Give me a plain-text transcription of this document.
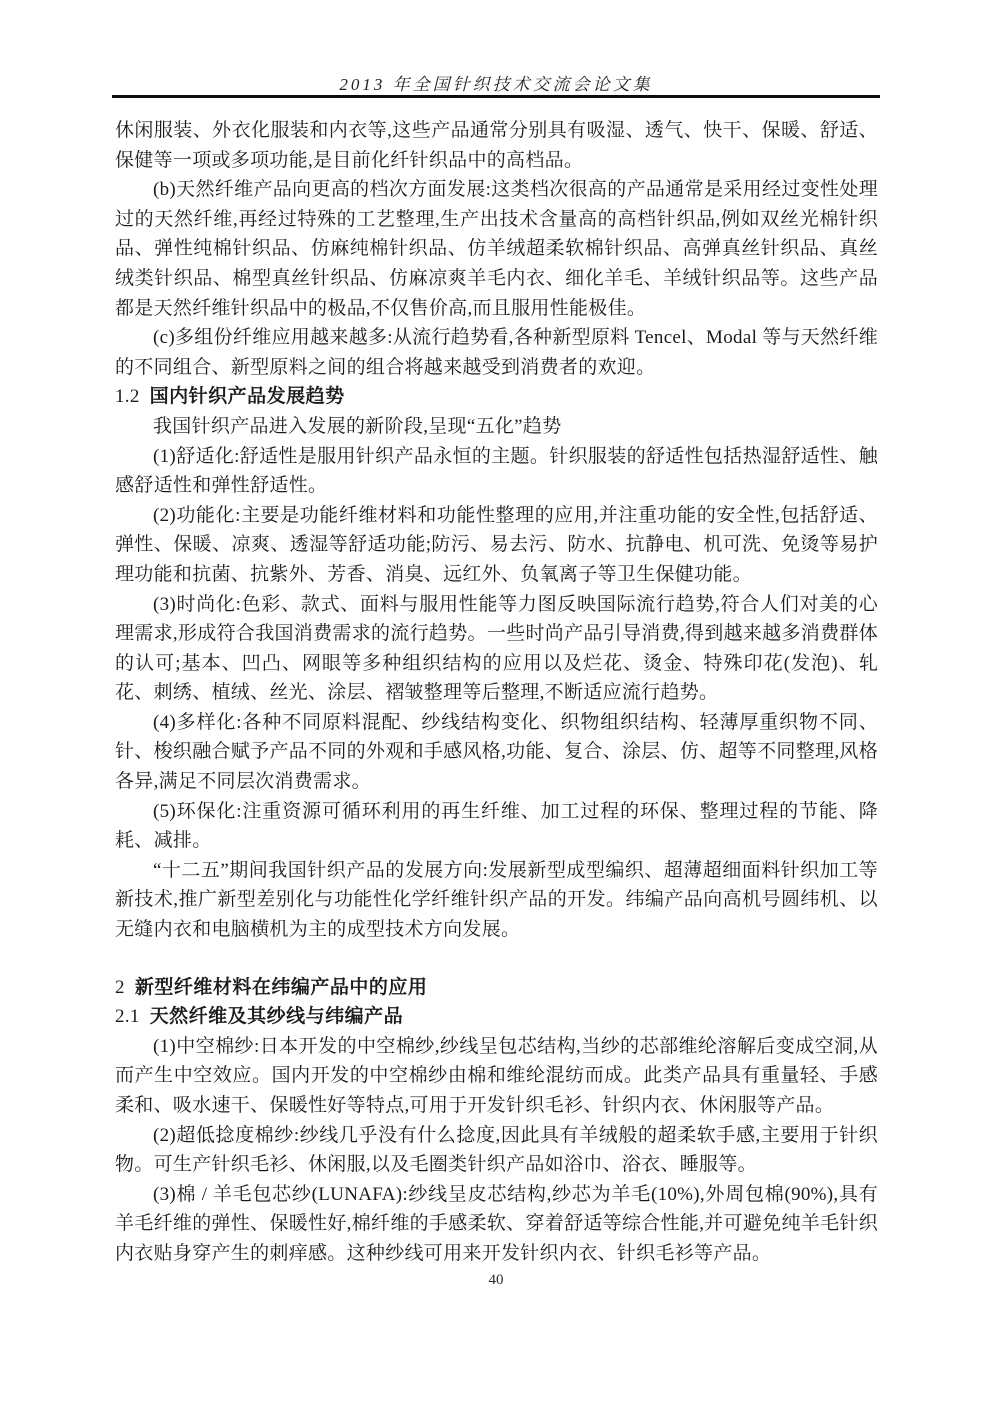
2013 年全国针织技术交流会论文集

休闲服装、外衣化服装和内衣等,这些产品通常分别具有吸湿、透气、快干、保暖、舒适、保健等一项或多项功能,是目前化纤针织品中的高档品。

(b)天然纤维产品向更高的档次方面发展:这类档次很高的产品通常是采用经过变性处理过的天然纤维,再经过特殊的工艺整理,生产出技术含量高的高档针织品,例如双丝光棉针织品、弹性纯棉针织品、仿麻纯棉针织品、仿羊绒超柔软棉针织品、高弹真丝针织品、真丝绒类针织品、棉型真丝针织品、仿麻凉爽羊毛内衣、细化羊毛、羊绒针织品等。这些产品都是天然纤维针织品中的极品,不仅售价高,而且服用性能极佳。

(c)多组份纤维应用越来越多:从流行趋势看,各种新型原料 Tencel、Modal 等与天然纤维的不同组合、新型原料之间的组合将越来越受到消费者的欢迎。

1.2 国内针织产品发展趋势

我国针织产品进入发展的新阶段,呈现“五化”趋势

(1)舒适化:舒适性是服用针织产品永恒的主题。针织服装的舒适性包括热湿舒适性、触感舒适性和弹性舒适性。

(2)功能化:主要是功能纤维材料和功能性整理的应用,并注重功能的安全性,包括舒适、弹性、保暖、凉爽、透湿等舒适功能;防污、易去污、防水、抗静电、机可洗、免烫等易护理功能和抗菌、抗紫外、芳香、消臭、远红外、负氧离子等卫生保健功能。

(3)时尚化:色彩、款式、面料与服用性能等力图反映国际流行趋势,符合人们对美的心理需求,形成符合我国消费需求的流行趋势。一些时尚产品引导消费,得到越来越多消费群体的认可;基本、凹凸、网眼等多种组织结构的应用以及烂花、烫金、特殊印花(发泡)、轧花、刺绣、植绒、丝光、涂层、褶皱整理等后整理,不断适应流行趋势。

(4)多样化:各种不同原料混配、纱线结构变化、织物组织结构、轻薄厚重织物不同、针、梭织融合赋予产品不同的外观和手感风格,功能、复合、涂层、仿、超等不同整理,风格各异,满足不同层次消费需求。

(5)环保化:注重资源可循环利用的再生纤维、加工过程的环保、整理过程的节能、降耗、减排。

“十二五”期间我国针织产品的发展方向:发展新型成型编织、超薄超细面料针织加工等新技术,推广新型差别化与功能性化学纤维针织产品的开发。纬编产品向高机号圆纬机、以无缝内衣和电脑横机为主的成型技术方向发展。

2 新型纤维材料在纬编产品中的应用
2.1 天然纤维及其纱线与纬编产品

(1)中空棉纱:日本开发的中空棉纱,纱线呈包芯结构,当纱的芯部维纶溶解后变成空洞,从而产生中空效应。国内开发的中空棉纱由棉和维纶混纺而成。此类产品具有重量轻、手感柔和、吸水速干、保暖性好等特点,可用于开发针织毛衫、针织内衣、休闲服等产品。

(2)超低捻度棉纱:纱线几乎没有什么捻度,因此具有羊绒般的超柔软手感,主要用于针织物。可生产针织毛衫、休闲服,以及毛圈类针织产品如浴巾、浴衣、睡服等。

(3)棉 / 羊毛包芯纱(LUNAFA):纱线呈皮芯结构,纱芯为羊毛(10%),外周包棉(90%),具有羊毛纤维的弹性、保暖性好,棉纤维的手感柔软、穿着舒适等综合性能,并可避免纯羊毛针织内衣贴身穿产生的刺痒感。这种纱线可用来开发针织内衣、针织毛衫等产品。

40
